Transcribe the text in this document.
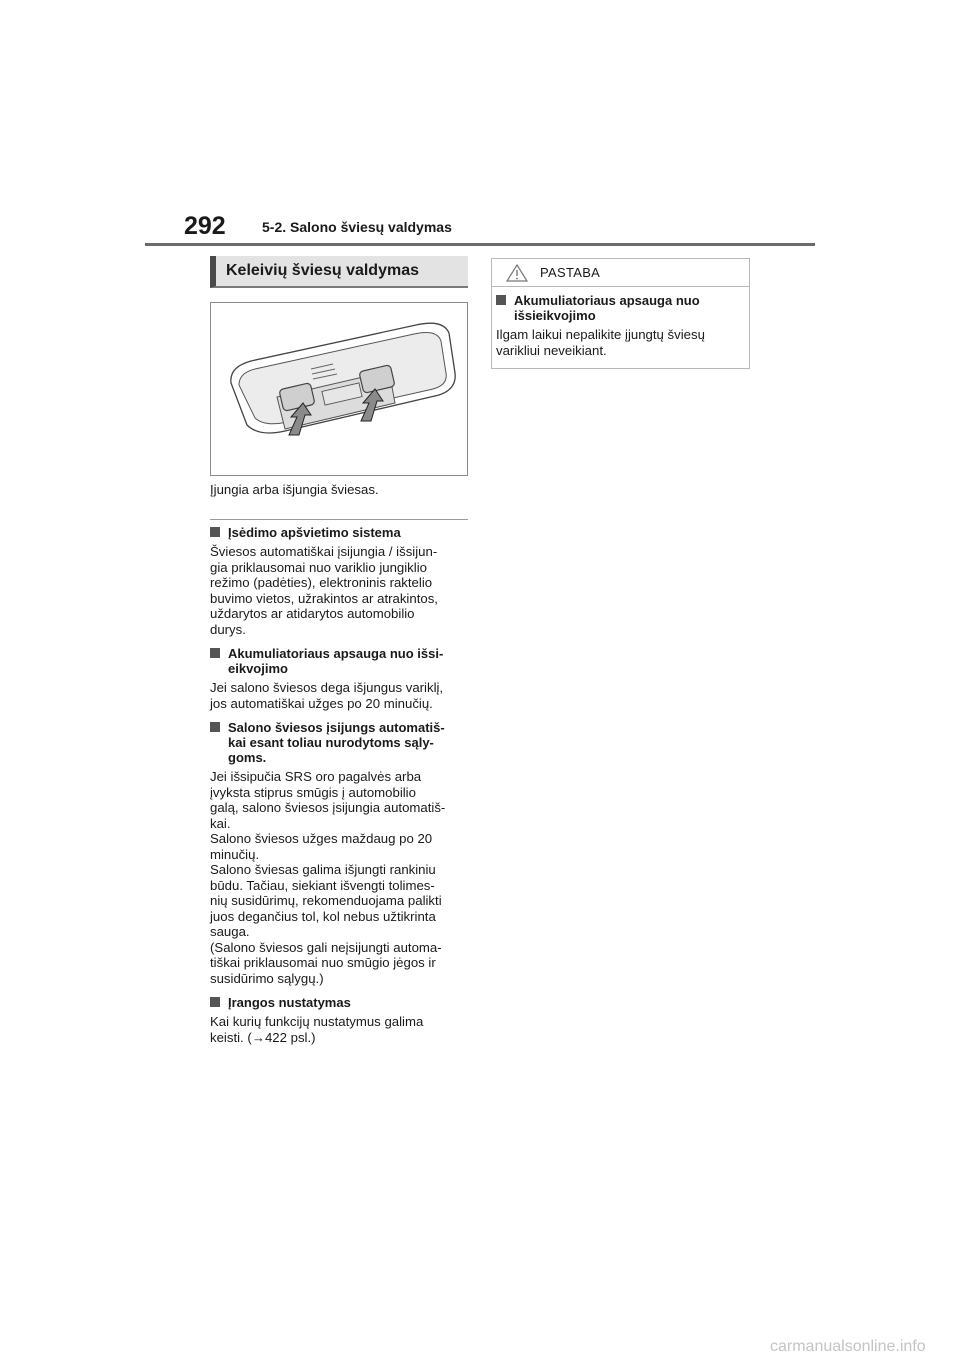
292	5-2. Salono šviesų valdymas
Keleivių šviesų valdymas
Įjungia arba išjungia šviesas.
Įsėdimo apšvietimo sistema
Šviesos automatiškai įsijungia / išsijun-
gia priklausomai nuo variklio jungiklio
režimo (padėties), elektroninis raktelio
buvimo vietos, užrakintos ar atrakintos,
uždarytos ar atidarytos automobilio
durys.
Akumuliatoriaus apsauga nuo išsi-
eikvojimo
Jei salono šviesos dega išjungus variklį,
jos automatiškai užges po 20 minučių.
Salono šviesos įsijungs automatiš-
kai esant toliau nurodytoms sąly-
goms.
Jei išsipučia SRS oro pagalvės arba
įvyksta stiprus smūgis į automobilio
galą, salono šviesos įsijungia automatiš-
kai.
Salono šviesos užges maždaug po 20
minučių.
Salono šviesas galima išjungti rankiniu
būdu. Tačiau, siekiant išvengti tolimes-
nių susidūrimų, rekomenduojama palikti
juos degančius tol, kol nebus užtikrinta
sauga.
(Salono šviesos gali neįsijungti automa-
tiškai priklausomai nuo smūgio jėgos ir
susidūrimo sąlygų.)
Įrangos nustatymas
Kai kurių funkcijų nustatymus galima
keisti. (→422 psl.)
PASTABA
Akumuliatoriaus apsauga nuo
išsieikvojimo
Ilgam laikui nepalikite įjungtų šviesų
varikliui neveikiant.
carmanualsonline.info
